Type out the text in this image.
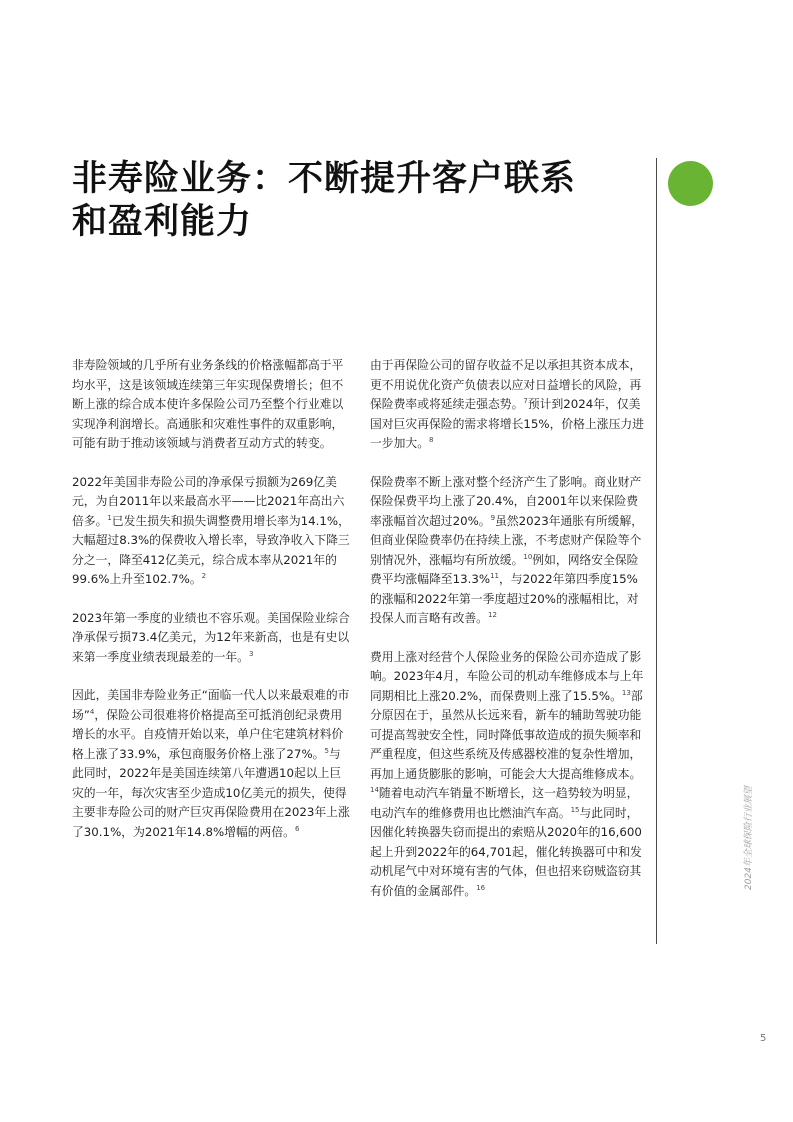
非寿险业务：不断提升客户联系
和盈利能力

非寿险领域的几乎所有业务条线的价格涨幅都高于平均水平，这是该领域连续第三年实现保费增长；但不断上涨的综合成本使许多保险公司乃至整个行业难以实现净利润增长。高通胀和灾难性事件的双重影响，可能有助于推动该领域与消费者互动方式的转变。

2022年美国非寿险公司的净承保亏损额为269亿美元，为自2011年以来最高水平——比2021年高出六倍多。$^1$已发生损失和损失调整费用增长率为14.1%，大幅超过8.3%的保费收入增长率，导致净收入下降三分之一，降至412亿美元，综合成本率从2021年的99.6%上升至102.7%。$^2$

2023年第一季度的业绩也不容乐观。美国保险业综合净承保亏损73.4亿美元，为12年来新高，也是有史以来第一季度业绩表现最差的一年。$^3$

因此，美国非寿险业务正“面临一代人以来最艰难的市场”$^4$，保险公司很难将价格提高至可抵消创纪录费用增长的水平。自疫情开始以来，单户住宅建筑材料价格上涨了33.9%，承包商服务价格上涨了27%。$^5$与此同时，2022年是美国连续第八年遭遇10起以上巨灾的一年，每次灾害至少造成10亿美元的损失，使得主要非寿险公司的财产巨灾再保险费用在2023年上涨了30.1%，为2021年14.8%增幅的两倍。$^6$

由于再保险公司的留存收益不足以承担其资本成本，更不用说优化资产负债表以应对日益增长的风险，再保险费率或将延续走强态势。$^7$预计到2024年，仅美国对巨灾再保险的需求将增长15%，价格上涨压力进一步加大。$^8$

保险费率不断上涨对整个经济产生了影响。商业财产保险保费平均上涨了20.4%，自2001年以来保险费率涨幅首次超过20%。$^9$虽然2023年通胀有所缓解，但商业保险费率仍在持续上涨，不考虑财产保险等个别情况外，涨幅均有所放缓。$^{10}$例如，网络安全保险费平均涨幅降至13.3%$^{11}$，与2022年第四季度15%的涨幅和2022年第一季度超过20%的涨幅相比，对投保人而言略有改善。$^{12}$

费用上涨对经营个人保险业务的保险公司亦造成了影响。2023年4月，车险公司的机动车维修成本与上年同期相比上涨20.2%，而保费则上涨了15.5%。$^{13}$部分原因在于，虽然从长远来看，新车的辅助驾驶功能可提高驾驶安全性，同时降低事故造成的损失频率和严重程度，但这些系统及传感器校准的复杂性增加，再加上通货膨胀的影响，可能会大大提高维修成本。$^{14}$随着电动汽车销量不断增长，这一趋势较为明显，电动汽车的维修费用也比燃油汽车高。$^{15}$与此同时，因催化转换器失窃而提出的索赔从2020年的16,600起上升到2022年的64,701起，催化转换器可中和发动机尾气中对环境有害的气体，但也招来窃贼盗窃其有价值的金属部件。$^{16}$	2024年全球保险行业展望
5
